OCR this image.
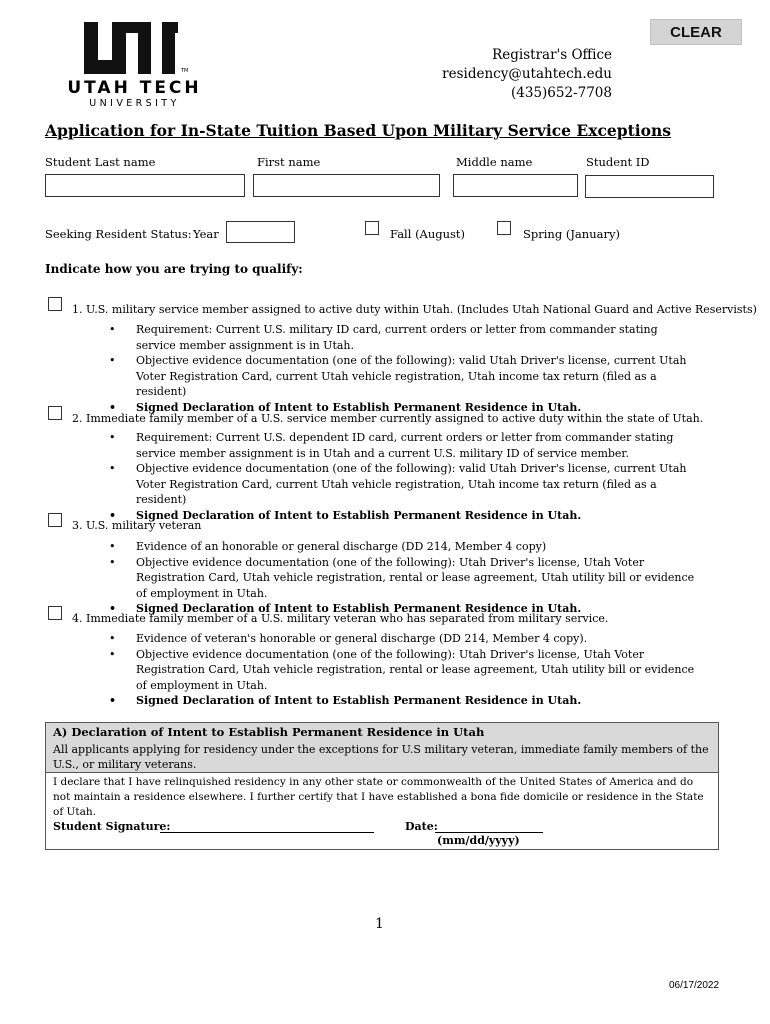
CLEAR
TM
UTAH TECH
UNIVERSITY
Registrar's Office
residency@utahtech.edu
(435)652-7708
Application for In-State Tuition Based Upon Military Service Exceptions
Student Last name	First name	Middle name	Student ID
Seeking Resident Status: Year	Fall (August)	Spring (January)
Indicate how you are trying to qualify:
1. U.S. military service member assigned to active duty within Utah. (Includes Utah National Guard and Active Reservists)
• Requirement: Current U.S. military ID card, current orders or letter from commander stating service member assignment is in Utah.
• Objective evidence documentation (one of the following): valid Utah Driver's license, current Utah Voter Registration Card, current Utah vehicle registration, Utah income tax return (filed as a resident)
• Signed Declaration of Intent to Establish Permanent Residence in Utah.
2. Immediate family member of a U.S. service member currently assigned to active duty within the state of Utah.
• Requirement: Current U.S. dependent ID card, current orders or letter from commander stating service member assignment is in Utah and a current U.S. military ID of service member.
• Objective evidence documentation (one of the following): valid Utah Driver's license, current Utah Voter Registration Card, current Utah vehicle registration, Utah income tax return (filed as a resident)
• Signed Declaration of Intent to Establish Permanent Residence in Utah.
3. U.S. military veteran
• Evidence of an honorable or general discharge (DD 214, Member 4 copy)
• Objective evidence documentation (one of the following): Utah Driver's license, Utah Voter Registration Card, Utah vehicle registration, rental or lease agreement, Utah utility bill or evidence of employment in Utah.
• Signed Declaration of Intent to Establish Permanent Residence in Utah.
4. Immediate family member of a U.S. military veteran who has separated from military service.
• Evidence of veteran's honorable or general discharge (DD 214, Member 4 copy).
• Objective evidence documentation (one of the following): Utah Driver's license, Utah Voter Registration Card, Utah vehicle registration, rental or lease agreement, Utah utility bill or evidence of employment in Utah.
• Signed Declaration of Intent to Establish Permanent Residence in Utah.
A) Declaration of Intent to Establish Permanent Residence in Utah
All applicants applying for residency under the exceptions for U.S military veteran, immediate family members of the U.S., or military veterans.
I declare that I have relinquished residency in any other state or commonwealth of the United States of America and do not maintain a residence elsewhere. I further certify that I have established a bona fide domicile or residence in the State of Utah.
Student Signature:	Date:
(mm/dd/yyyy)
1
06/17/2022
